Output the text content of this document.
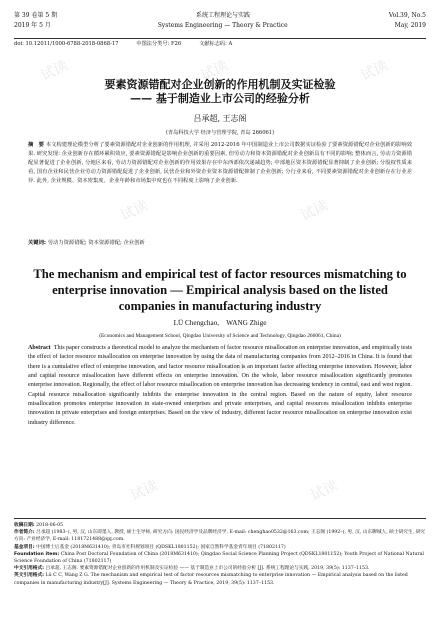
第 39 卷第 5 期	系统工程理论与实践	Vol.39, No.5
2019 年 5 月	Systems Engineering — Theory & Practice	May, 2019
doi: 10.12011/1000-6788-2018-0868-17	中图法分类号: F26	文献标志码: A
试读	试读	试读
试读	试读
试读	试读	试读
试读	试读
要素资源错配对企业创新的作用机制及实证检验
—— 基于制造业上市公司的经验分析
吕承超, 王志阁
(青岛科技大学 经济与管理学院, 青岛 266061)
摘　要 本文构建理论模型分析了要素资源错配对企业创新的作用机理, 并采用 2012-2016 年中国制造业上市公司数据实证检验了要素资源错配对企业创新的影响效果. 研究发现: 企业创新存在循环累积效应, 要素资源错配是影响企业创新的重要因素, 但劳动力和资本资源错配对企业创新具有不同的影响; 整体而言, 劳动力资源错配显著促进了企业创新, 分地区来看, 劳动力资源错配对企业创新的作用效果存在中东西部依次递减趋势; 中部地区资本资源错配显著抑制了企业创新; 分股权性质来看, 国有企业和民营企业劳动力资源错配促进了企业创新, 民营企业和外资企业资本资源错配抑制了企业创新; 分行业来看, 不同要素资源错配对企业创新存在行业差异. 此外, 企业规模、资本密集度、企业年龄和市场集中度也在不同程度上影响了企业创新.
关键词: 劳动力资源错配; 资本资源错配; 企业创新
The mechanism and empirical test of factor resources mismatching to enterprise innovation — Empirical analysis based on the listed companies in manufacturing industry
LÜ Chengchao,　WANG Zhige
(Economics and Management School, Qingdao University of Science and Technology, Qingdao 266061, China)
Abstract This paper constructs a theoretical model to analyze the mechanism of factor resource misallocation on enterprise innovation, and empirically tests the effect of factor resource misallocation on enterprise innovation by using the data of manufacturing companies from 2012–2016 in China. It is found that there is a cumulative effect of enterprise innovation, and factor resource misallocation is an important factor affecting enterprise innovation. However, labor and capital resource misallocation have different effects on enterprise innovation. On the whole, labor resource misallocation significantly promotes enterprise innovation. Regionally, the effect of labor resource misallocation on enterprise innovation has decreasing tendency in central, east and west region. Capital resource misallocation significantly inhibits the enterprise innovation in the central region. Based on the nature of equity, labor resource misallocation promotes enterprise innovation in state-owned enterprises and private enterprises, and capital resources misallocation inhibits enterprise innovation in private enterprises and foreign enterprises. Based on the view of industry, different factor resource misallocation on enterprise innovation exist industry difference.
收稿日期: 2018-06-05
作者简介: 吕承超 (1983–), 男, 汉, 山东即墨人, 教授, 硕士生导师, 研究方向: 国民经济学及品牌经济学, E-mail: chenghao0532@163.com; 王志阁 (1992–), 男, 汉, 山东聊城人, 硕士研究生, 研究方向: 产业经济学, E-mail: 1181721488@qq.com.
基金项目: 中国博士后基金 (2018M631410); 青岛市社科规划项目 (QDSKL1801152); 国家自然科学基金青年项目 (71802117)
Foundation item: China Post Doctoral Foundation of China (2018M631410); Qingdao Social Science Planning Project (QDSKL1801152); Youth Project of National Natural Science Foundation of China (71802117)
中文引用格式: 吕承超, 王志阁. 要素资源错配对企业创新的作用机制及实证检验 —— 基于制造业上市公司的经验分析 [J]. 系统工程理论与实践, 2019, 39(5): 1137–1153.
英文引用格式: Lü C C, Wang Z G. The mechanism and empirical test of factor resources mismatching to enterprise innovation — Empirical analysis based on the listed companies in manufacturing industry[J]. Systems Engineering — Theory & Practice, 2019, 39(5): 1137–1153.
